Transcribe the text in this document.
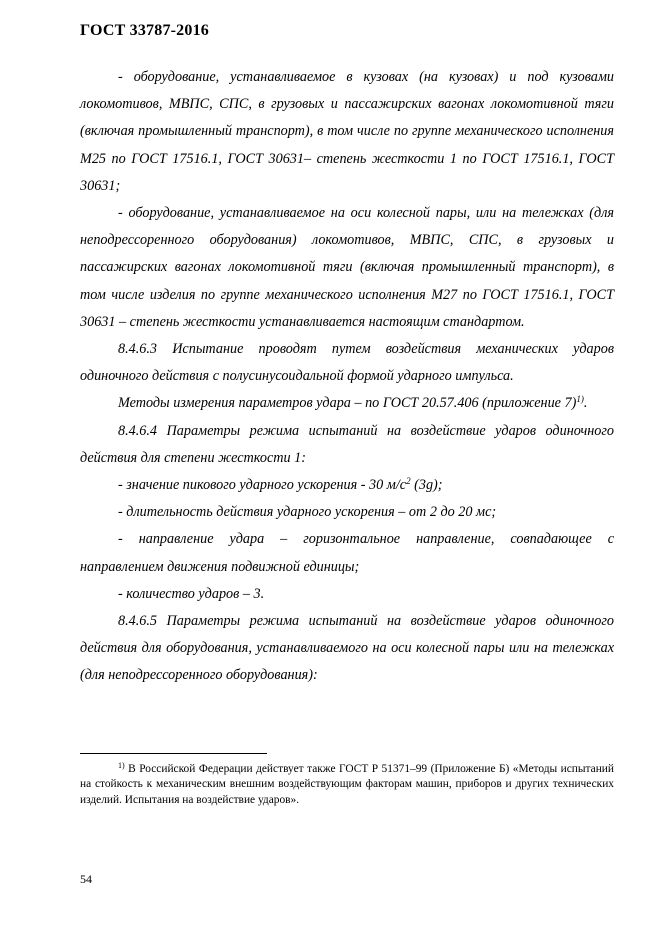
ГОСТ 33787-2016

- оборудование, устанавливаемое в кузовах (на кузовах) и под кузовами локомотивов, МВПС, СПС, в грузовых и пассажирских вагонах локомотивной тяги (включая промышленный транспорт), в том числе по группе механического исполнения М25 по ГОСТ 17516.1, ГОСТ 30631– степень жесткости 1 по ГОСТ 17516.1, ГОСТ 30631;

- оборудование, устанавливаемое на оси колесной пары, или на тележках (для неподрессоренного оборудования) локомотивов, МВПС, СПС, в грузовых и пассажирских вагонах локомотивной тяги (включая промышленный транспорт), в том числе изделия по группе механического исполнения М27 по ГОСТ 17516.1, ГОСТ 30631 – степень жесткости устанавливается настоящим стандартом.

8.4.6.3 Испытание проводят путем воздействия механических ударов одиночного действия с полусинусоидальной формой ударного импульса.

Методы измерения параметров удара – по ГОСТ 20.57.406 (приложение 7)$^{1)}$.

8.4.6.4 Параметры режима испытаний на воздействие ударов одиночного действия для степени жесткости 1:

- значение пикового ударного ускорения - 30 $м/с^2$ (3g);

- длительность действия ударного ускорения – от 2 до 20 мс;

- направление удара – горизонтальное направление, совпадающее с направлением движения подвижной единицы;

- количество ударов – 3.

8.4.6.5 Параметры режима испытаний на воздействие ударов одиночного действия для оборудования, устанавливаемого на оси колесной пары или на тележках (для неподрессоренного оборудования):

$^{1)}$ В Российской Федерации действует также ГОСТ Р 51371–99 (Приложение Б) «Методы испытаний на стойкость к механическим внешним воздействующим факторам машин, приборов и других технических изделий. Испытания на воздействие ударов».
54
